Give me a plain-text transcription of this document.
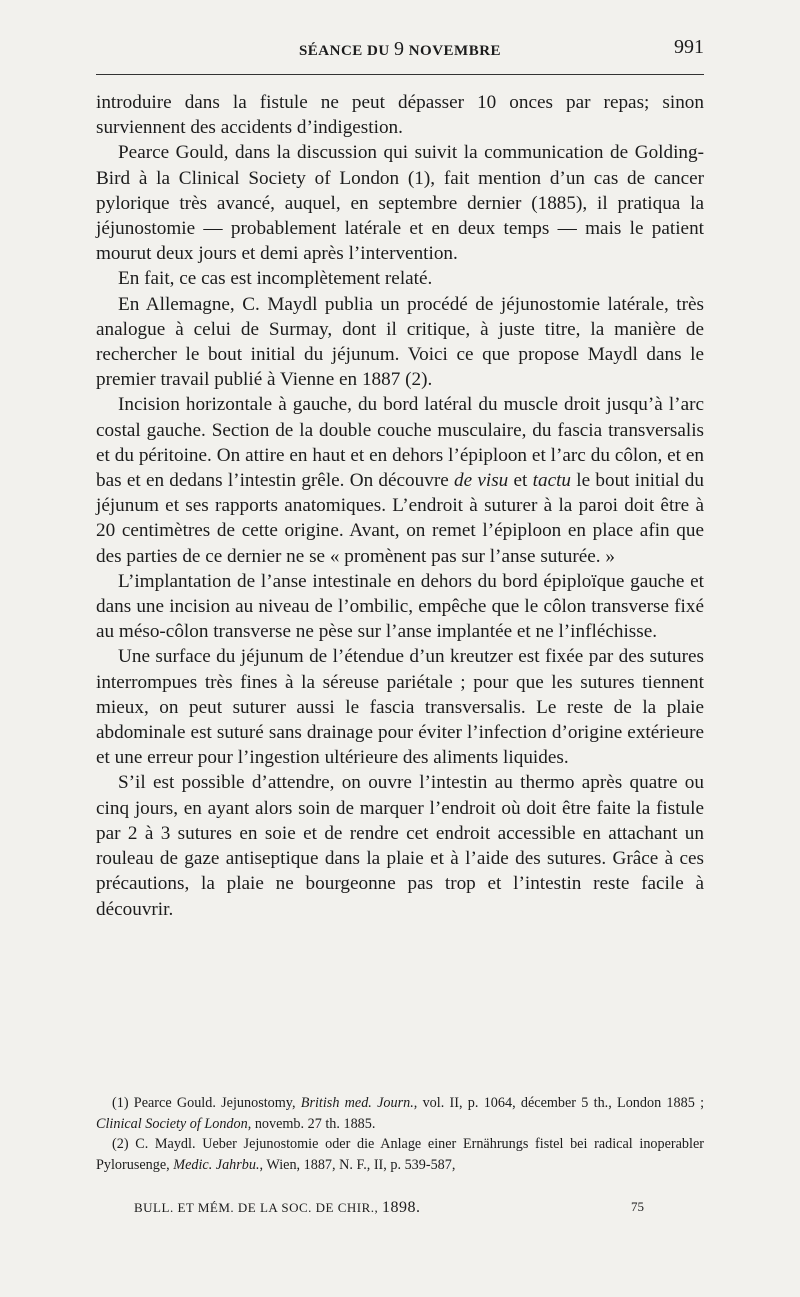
SÉANCE DU 9 NOVEMBRE	991

introduire dans la fistule ne peut dépasser 10 onces par repas; sinon surviennent des accidents d’indigestion.

Pearce Gould, dans la discussion qui suivit la communication de Golding-Bird à la Clinical Society of London (1), fait mention d’un cas de cancer pylorique très avancé, auquel, en septembre dernier (1885), il pratiqua la jéjunostomie — probablement latérale et en deux temps — mais le patient mourut deux jours et demi après l’intervention.

En fait, ce cas est incomplètement relaté.

En Allemagne, C. Maydl publia un procédé de jéjunostomie latérale, très analogue à celui de Surmay, dont il critique, à juste titre, la manière de rechercher le bout initial du jéjunum. Voici ce que propose Maydl dans le premier travail publié à Vienne en 1887 (2).

Incision horizontale à gauche, du bord latéral du muscle droit jusqu’à l’arc costal gauche. Section de la double couche musculaire, du fascia transversalis et du péritoine. On attire en haut et en dehors l’épiploon et l’arc du côlon, et en bas et en dedans l’intestin grêle. On découvre de visu et tactu le bout initial du jéjunum et ses rapports anatomiques. L’endroit à suturer à la paroi doit être à 20 centimètres de cette origine. Avant, on remet l’épiploon en place afin que des parties de ce dernier ne se « promènent pas sur l’anse suturée. »

L’implantation de l’anse intestinale en dehors du bord épiploïque gauche et dans une incision au niveau de l’ombilic, empêche que le côlon transverse fixé au méso-côlon transverse ne pèse sur l’anse implantée et ne l’infléchisse.

Une surface du jéjunum de l’étendue d’un kreutzer est fixée par des sutures interrompues très fines à la séreuse pariétale ; pour que les sutures tiennent mieux, on peut suturer aussi le fascia transversalis. Le reste de la plaie abdominale est suturé sans drainage pour éviter l’infection d’origine extérieure et une erreur pour l’ingestion ultérieure des aliments liquides.

S’il est possible d’attendre, on ouvre l’intestin au thermo après quatre ou cinq jours, en ayant alors soin de marquer l’endroit où doit être faite la fistule par 2 à 3 sutures en soie et de rendre cet endroit accessible en attachant un rouleau de gaze antiseptique dans la plaie et à l’aide des sutures. Grâce à ces précautions, la plaie ne bourgeonne pas trop et l’intestin reste facile à découvrir.

(1) Pearce Gould. Jejunostomy, British med. Journ., vol. II, p. 1064, décember 5 th., London 1885 ; Clinical Society of London, novemb. 27 th. 1885.

(2) C. Maydl. Ueber Jejunostomie oder die Anlage einer Ernährungs fistel bei radical inoperabler Pylorusenge, Medic. Jahrbu., Wien, 1887, N. F., II, p. 539-587,

BULL. ET MÉM. DE LA SOC. DE CHIR., 1898.	75
